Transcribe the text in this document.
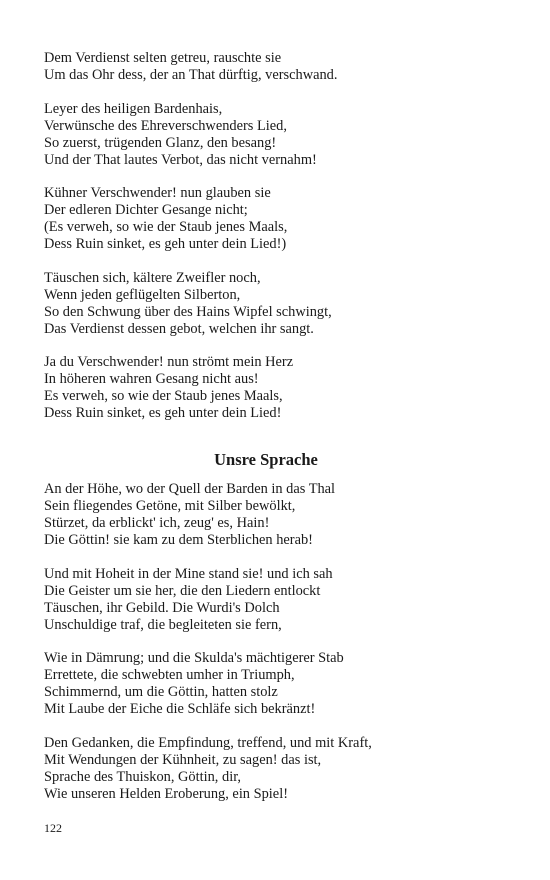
Dem Verdienst selten getreu, rauschte sie
Um das Ohr dess, der an That dürftig, verschwand.
Leyer des heiligen Bardenhais,
Verwünsche des Ehreverschwenders Lied,
So zuerst, trügenden Glanz, den besang!
Und der That lautes Verbot, das nicht vernahm!
Kühner Verschwender! nun glauben sie
Der edleren Dichter Gesange nicht;
(Es verweh, so wie der Staub jenes Maals,
Dess Ruin sinket, es geh unter dein Lied!)
Täuschen sich, kältere Zweifler noch,
Wenn jeden geflügelten Silberton,
So den Schwung über des Hains Wipfel schwingt,
Das Verdienst dessen gebot, welchen ihr sangt.
Ja du Verschwender! nun strömt mein Herz
In höheren wahren Gesang nicht aus!
Es verweh, so wie der Staub jenes Maals,
Dess Ruin sinket, es geh unter dein Lied!
Unsre Sprache
An der Höhe, wo der Quell der Barden in das Thal
Sein fliegendes Getöne, mit Silber bewölkt,
Stürzet, da erblickt' ich, zeug' es, Hain!
Die Göttin! sie kam zu dem Sterblichen herab!
Und mit Hoheit in der Mine stand sie! und ich sah
Die Geister um sie her, die den Liedern entlockt
Täuschen, ihr Gebild. Die Wurdi's Dolch
Unschuldige traf, die begleiteten sie fern,
Wie in Dämrung; und die Skulda's mächtigerer Stab
Errettete, die schwebten umher in Triumph,
Schimmernd, um die Göttin, hatten stolz
Mit Laube der Eiche die Schläfe sich bekränzt!
Den Gedanken, die Empfindung, treffend, und mit Kraft,
Mit Wendungen der Kühnheit, zu sagen! das ist,
Sprache des Thuiskon, Göttin, dir,
Wie unseren Helden Eroberung, ein Spiel!
122
